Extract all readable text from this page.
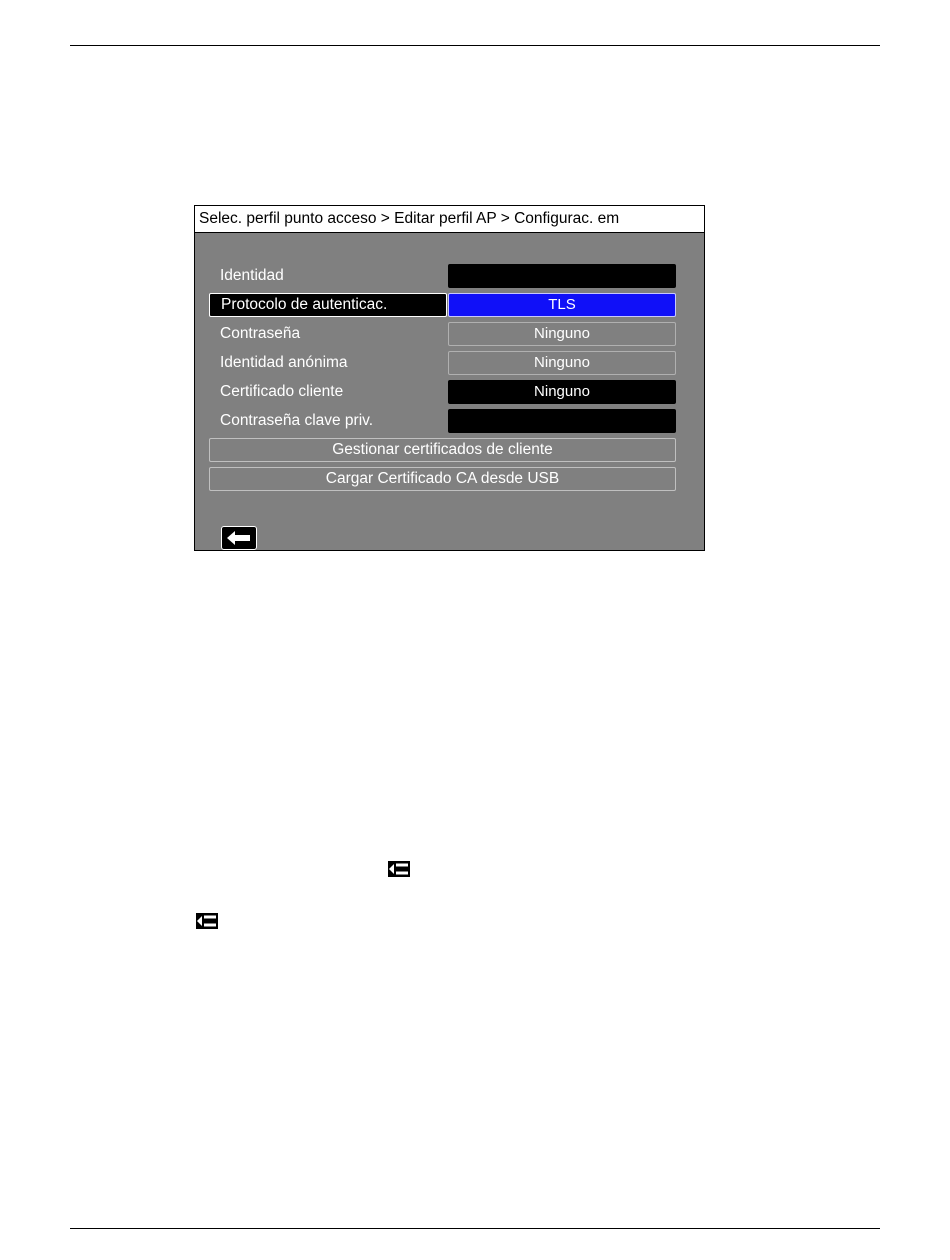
Selec. perfil punto acceso > Editar perfil AP > Configurac. em
Identidad
Protocolo de autenticac.	TLS
Contraseña	Ninguno
Identidad anónima	Ninguno
Certificado cliente	Ninguno
Contraseña clave priv.
Gestionar certificados de cliente
Cargar Certificado CA desde USB
